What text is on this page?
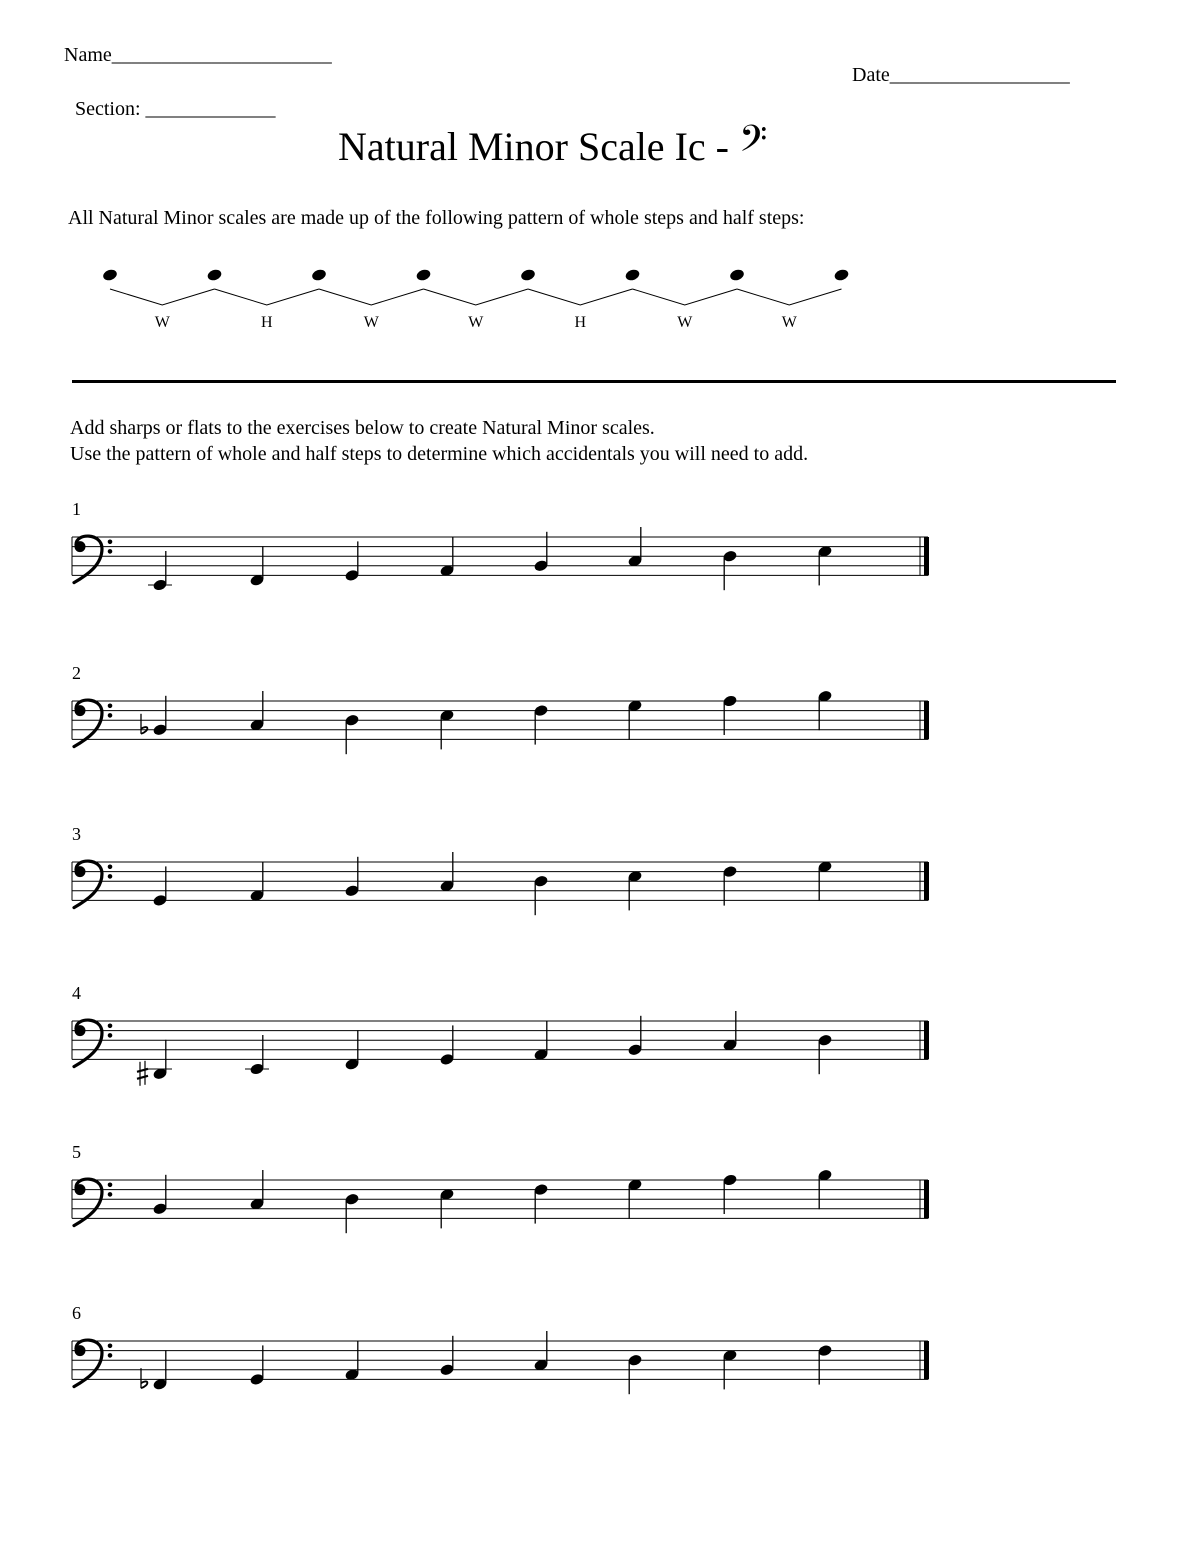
Name______________________
Date__________________
Section: _____________
Natural Minor Scale Ic - 𝄢
All Natural Minor scales are made up of the following pattern of whole steps and half steps:
W	H	W	W	H	W	W
Add sharps or flats to the exercises below to create Natural Minor scales.
Use the pattern of whole and half steps to determine which accidentals you will need to add.
1
2
3
4
5
6
